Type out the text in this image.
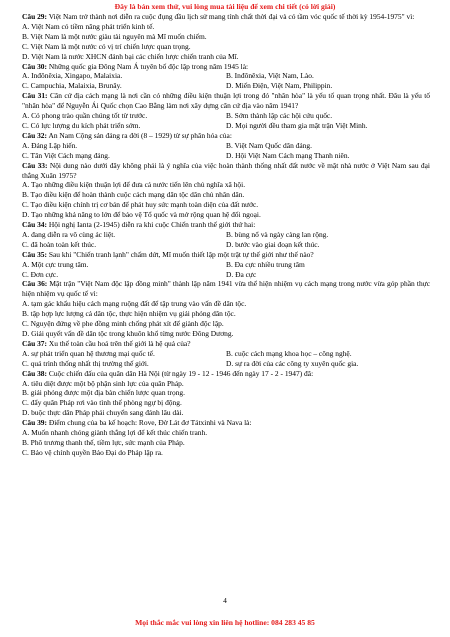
Đây là bản xem thử, vui lòng mua tài liệu để xem chi tiết (có lời giải)
Câu 29: Việt Nam trở thành nơi diễn ra cuộc đụng đầu lịch sử mang tính chất thời đại và có tầm vóc quốc tế thời kỳ 1954-1975" vì:
A. Việt Nam có tiềm năng phát triển kinh tế.
B. Việt Nam là một nước giàu tài nguyên mà Mĩ muốn chiếm.
C. Việt Nam là một nước có vị trí chiến lược quan trọng.
D. Việt Nam là nước XHCN đánh bại các chiến lược chiến tranh của Mĩ.
Câu 30: Những quốc gia Đông Nam Á tuyên bố độc lập trong năm 1945 là:
A. Inđônêxia, Xingapo, Malaixia.	B. Inđônêxia, Việt Nam, Lào.
C. Campuchia, Malaixia, Brunây.	D. Miến Điện, Việt Nam, Philippin.
Câu 31: Căn cứ địa cách mạng là nơi cần có những điều kiện thuận lợi trong đó "nhân hòa" là yếu tố quan trọng nhất. Đâu là yếu tố "nhân hòa" để Nguyễn Ái Quốc chọn Cao Bằng làm nơi xây dựng căn cứ địa vào năm 1941?
A. Có phong trào quần chúng tốt từ trước.	B. Sớm thành lập các hội cứu quốc.
C. Có lực lượng du kích phát triển sớm.	D. Mọi người đều tham gia mặt trận Việt Minh.
Câu 32: An Nam Cộng sản đảng ra đời (8 – 1929) từ sự phân hóa của:
A. Đảng Lập hiến.	B. Việt Nam Quốc dân đảng.
C. Tân Việt Cách mạng đảng.	D. Hội Việt Nam Cách mạng Thanh niên.
Câu 33: Nội dung nào dưới đây không phải là ý nghĩa của việc hoàn thành thống nhất đất nước về mặt nhà nước ở Việt Nam sau đại thắng Xuân 1975?
A. Tạo những điều kiện thuận lợi để đưa cả nước tiến lên chủ nghĩa xã hội.
B. Tạo điều kiện để hoàn thành cuộc cách mạng dân tộc dân chủ nhân dân.
C. Tạo điều kiện chính trị cơ bản để phát huy sức mạnh toàn diện của đất nước.
D. Tạo những khả năng to lớn để bảo vệ Tổ quốc và mở rộng quan hệ đối ngoại.
Câu 34: Hội nghị Ianta (2-1945) diễn ra khi cuộc Chiến tranh thế giới thứ hai:
A. đang diễn ra vô cùng ác liệt.	B. bùng nổ và ngày càng lan rộng.
C. đã hoàn toàn kết thúc.	D. bước vào giai đoạn kết thúc.
Câu 35: Sau khi "Chiến tranh lạnh" chấm dứt, Mĩ muốn thiết lập một trật tự thế giới như thế nào?
A. Một cực trung tâm.	B. Đa cực nhiều trung tâm
C. Đơn cực.	D. Đa cực
Câu 36: Mặt trận "Việt Nam độc lập đồng minh" thành lập năm 1941 vừa thể hiện nhiệm vụ cách mạng trong nước vừa góp phần thực hiện nhiệm vụ quốc tế vì:
A. tạm gác khẩu hiệu cách mạng ruộng đất để tập trung vào vấn đề dân tộc.
B. tập hợp lực lượng cả dân tộc, thực hiện nhiệm vụ giải phóng dân tộc.
C. Nguyện đứng về phe đồng minh chống phát xít để giành độc lập.
D. Giải quyết vấn đề dân tộc trong khuôn khổ từng nước Đông Dương.
Câu 37: Xu thế toàn cầu hoá trên thế giới là hệ quả của?
A. sự phát triển quan hệ thương mại quốc tế.	B. cuộc cách mạng khoa học – công nghệ.
C. quá trình thống nhất thị trường thế giới.	D. sự ra đời của các công ty xuyên quốc gia.
Câu 38: Cuộc chiến đấu của quân dân Hà Nội (từ ngày 19 - 12 - 1946 đến ngày 17 - 2 - 1947) đã:
A. tiêu diệt được một bộ phận sinh lực của quân Pháp.
B. giải phóng được một địa bàn chiến lược quan trọng.
C. đẩy quân Pháp rơi vào tình thế phòng ngự bị động.
D. buộc thực dân Pháp phải chuyển sang đánh lâu dài.
Câu 39: Điểm chung của ba kế hoạch: Rove, Đờ Lát đơ Tátxinhi và Nava là:
A. Muốn nhanh chóng giành thắng lợi để kết thúc chiến tranh.
B. Phô trương thanh thế, tiềm lực, sức mạnh của Pháp.
C. Bảo vệ chính quyền Bảo Đại do Pháp lập ra.
4
Mọi thắc mắc vui lòng xin liên hệ hotline: 084 283 45 85
